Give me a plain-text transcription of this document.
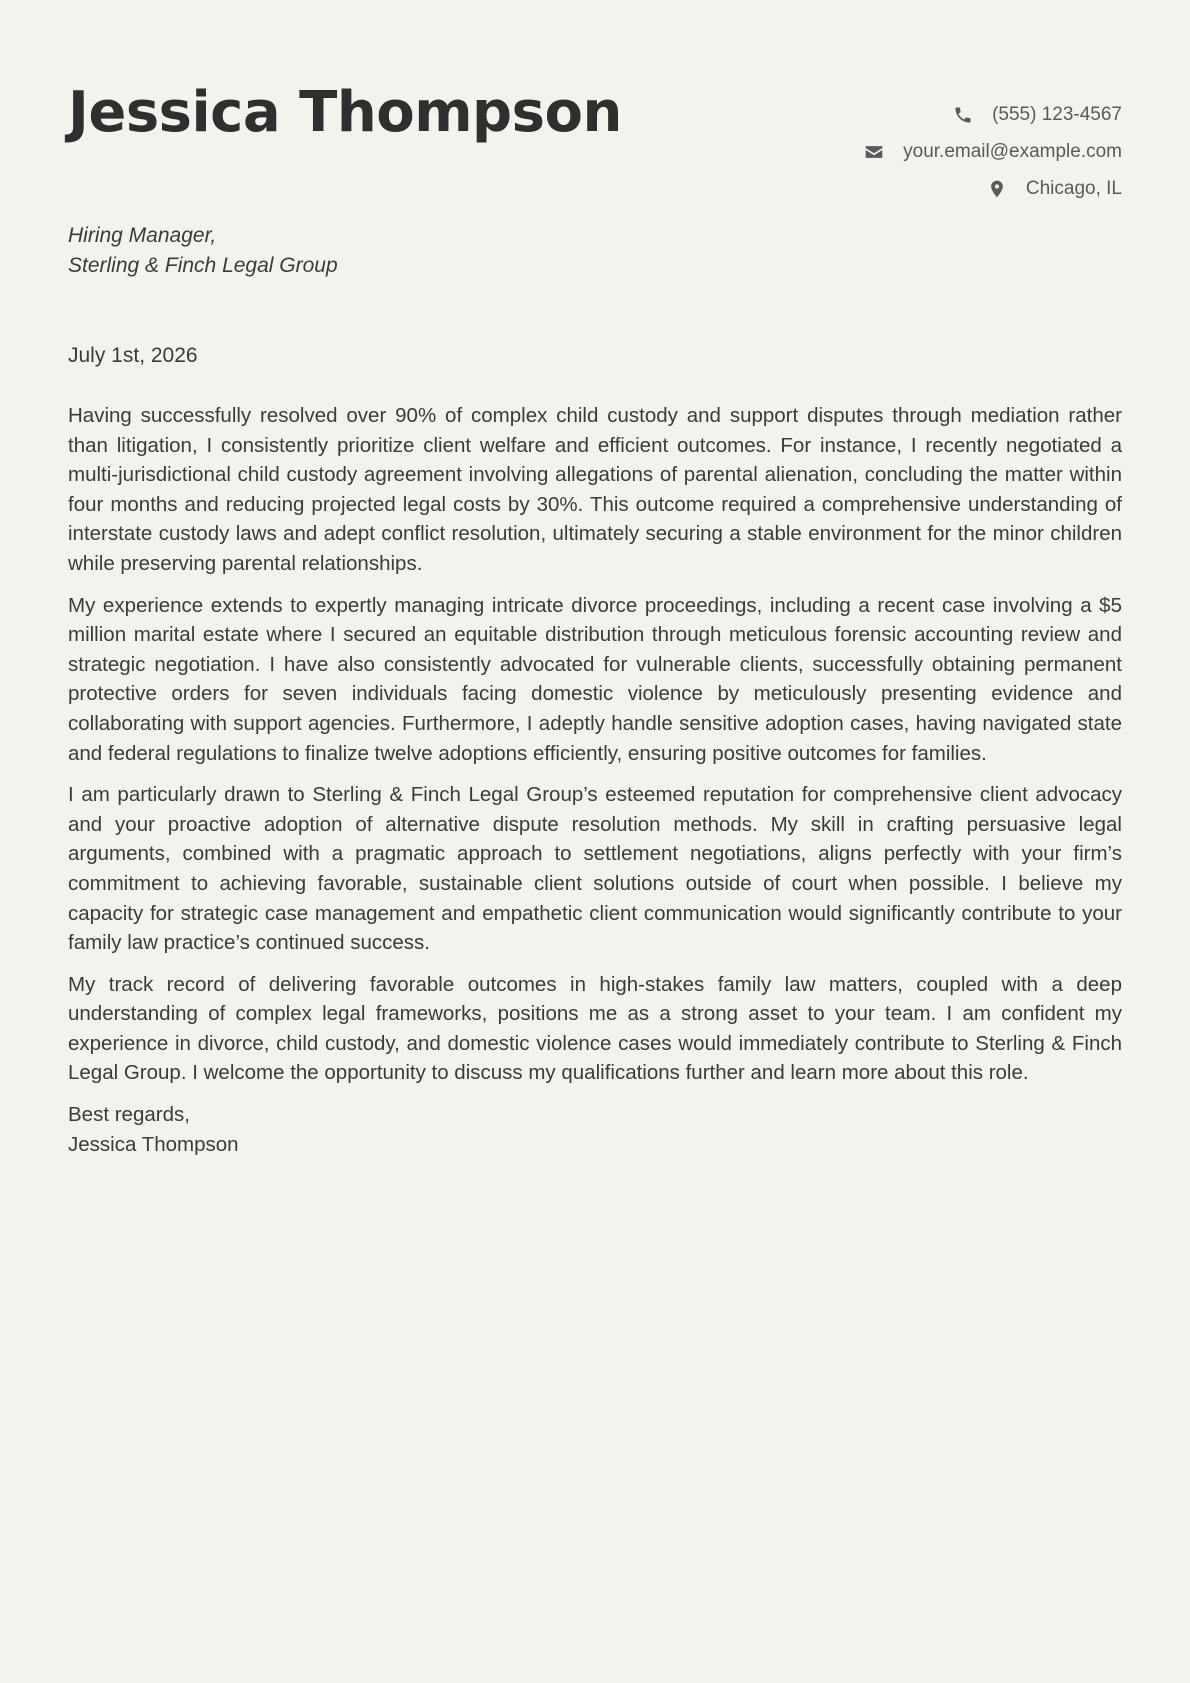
Jessica Thompson	(555) 123-4567
your.email@example.com
Chicago, IL
Hiring Manager,
Sterling & Finch Legal Group
July 1st, 2026

Having successfully resolved over 90% of complex child custody and support disputes through mediation rather than litigation, I consistently prioritize client welfare and efficient outcomes. For instance, I recently negotiated a multi-jurisdictional child custody agreement involving allegations of parental alienation, concluding the matter within four months and reducing projected legal costs by 30%. This outcome required a comprehensive understanding of interstate custody laws and adept conflict resolution, ultimately securing a stable environment for the minor children while preserving parental relationships.

My experience extends to expertly managing intricate divorce proceedings, including a recent case involving a $5 million marital estate where I secured an equitable distribution through meticulous forensic accounting review and strategic negotiation. I have also consistently advocated for vulnerable clients, successfully obtaining permanent protective orders for seven individuals facing domestic violence by meticulously presenting evidence and collaborating with support agencies. Furthermore, I adeptly handle sensitive adoption cases, having navigated state and federal regulations to finalize twelve adoptions efficiently, ensuring positive outcomes for families.

I am particularly drawn to Sterling & Finch Legal Group’s esteemed reputation for comprehensive client advocacy and your proactive adoption of alternative dispute resolution methods. My skill in crafting persuasive legal arguments, combined with a pragmatic approach to settlement negotiations, aligns perfectly with your firm’s commitment to achieving favorable, sustainable client solutions outside of court when possible. I believe my capacity for strategic case management and empathetic client communication would significantly contribute to your family law practice’s continued success.

My track record of delivering favorable outcomes in high-stakes family law matters, coupled with a deep understanding of complex legal frameworks, positions me as a strong asset to your team. I am confident my experience in divorce, child custody, and domestic violence cases would immediately contribute to Sterling & Finch Legal Group. I welcome the opportunity to discuss my qualifications further and learn more about this role.

Best regards,
Jessica Thompson
